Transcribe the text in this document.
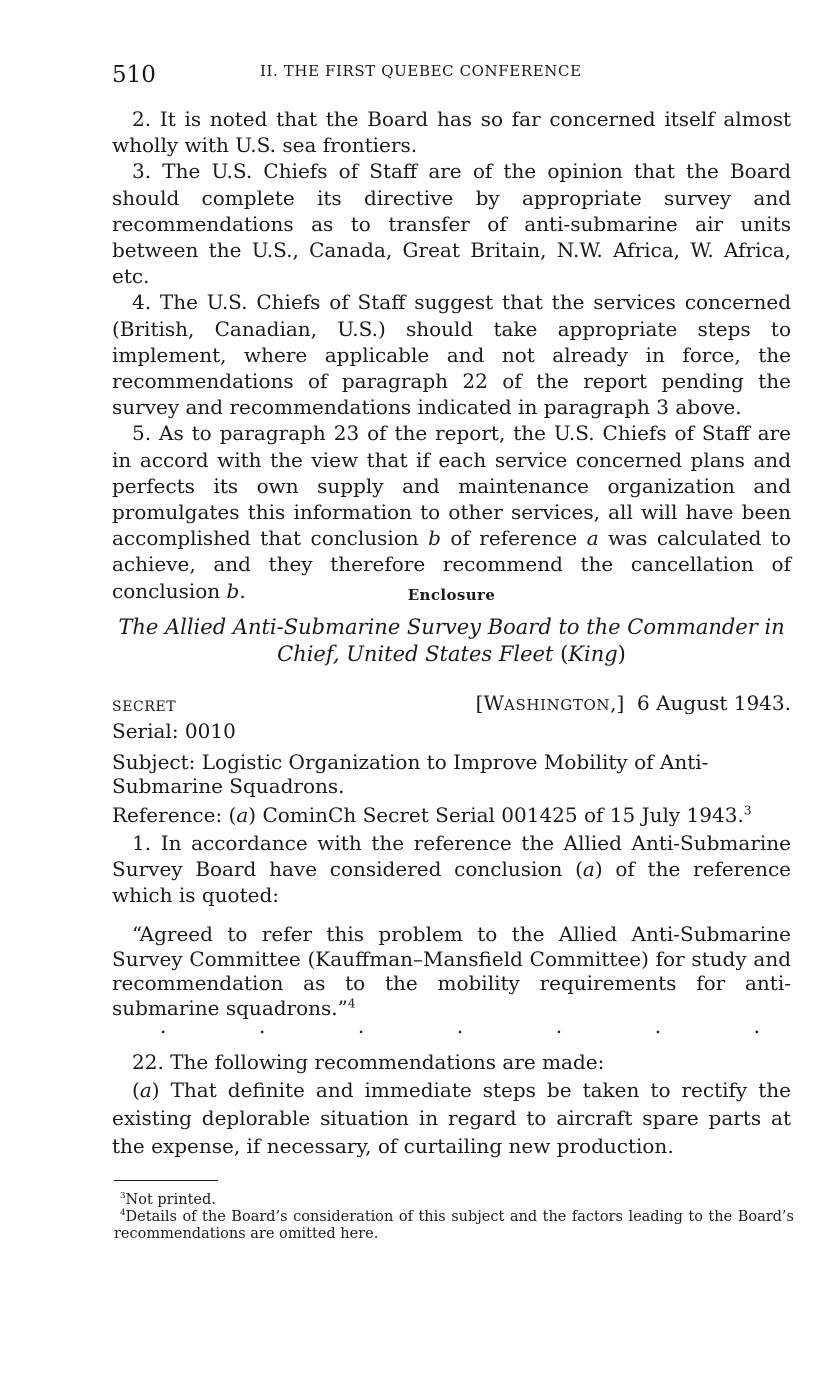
510	II. THE FIRST QUEBEC CONFERENCE

2. It is noted that the Board has so far concerned itself almost wholly with U.S. sea frontiers.

3. The U.S. Chiefs of Staff are of the opinion that the Board should complete its directive by appropriate survey and recommendations as to transfer of anti-submarine air units between the U.S., Canada, Great Britain, N.W. Africa, W. Africa, etc.

4. The U.S. Chiefs of Staff suggest that the services concerned (British, Canadian, U.S.) should take appropriate steps to implement, where applicable and not already in force, the recommendations of paragraph 22 of the report pending the survey and recommendations indicated in paragraph 3 above.

5. As to paragraph 23 of the report, the U.S. Chiefs of Staff are in accord with the view that if each service concerned plans and perfects its own supply and maintenance organization and promulgates this information to other services, all will have been accomplished that conclusion b of reference a was calculated to achieve, and they therefore recommend the cancellation of conclusion b.	Enclosure
The Allied Anti-Submarine Survey Board to the Commander in Chief, United States Fleet (King)
SECRET	[WASHINGTON,] 6 August 1943.
Serial: 0010
Subject: Logistic Organization to Improve Mobility of Anti-Submarine Squadrons.
Reference: (a) CominCh Secret Serial 001425 of 15 July 1943.$^3$

1. In accordance with the reference the Allied Anti-Submarine Survey Board have considered conclusion (a) of the reference which is quoted:

“Agreed to refer this problem to the Allied Anti-Submarine Survey Committee (Kauffman–Mansfield Committee) for study and recommendation as to the mobility requirements for anti-submarine squadrons.”$^4$
.	.	.	.	.	.	.

22. The following recommendations are made:

(a) That definite and immediate steps be taken to rectify the existing deplorable situation in regard to aircraft spare parts at the expense, if necessary, of curtailing new production.

$^3$Not printed.

$^4$Details of the Board’s consideration of this subject and the factors leading to the Board’s recommendations are omitted here.
